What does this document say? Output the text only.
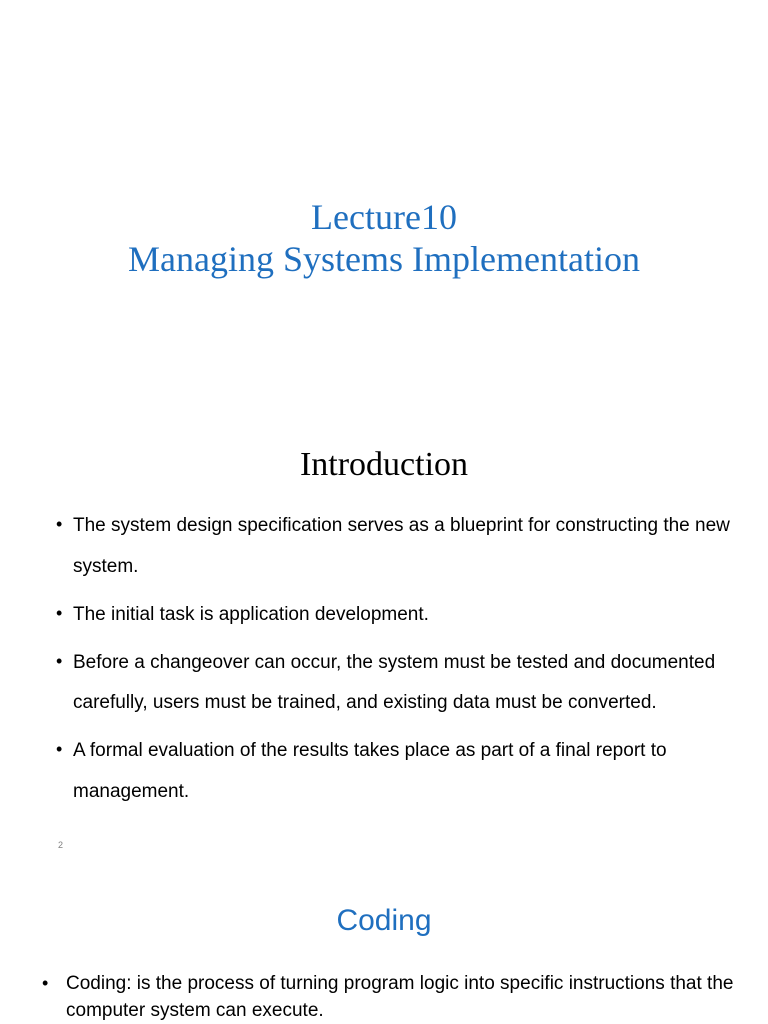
Lecture10
Managing Systems Implementation
Introduction
• The system design specification serves as a blueprint for constructing the new system.
• The initial task is application development.
• Before a changeover can occur, the system must be tested and documented carefully, users must be trained, and existing data must be converted.
• A formal evaluation of the results takes place as part of a final report to management.
2
Coding
• Coding: is the process of turning program logic into specific instructions that the computer system can execute.
